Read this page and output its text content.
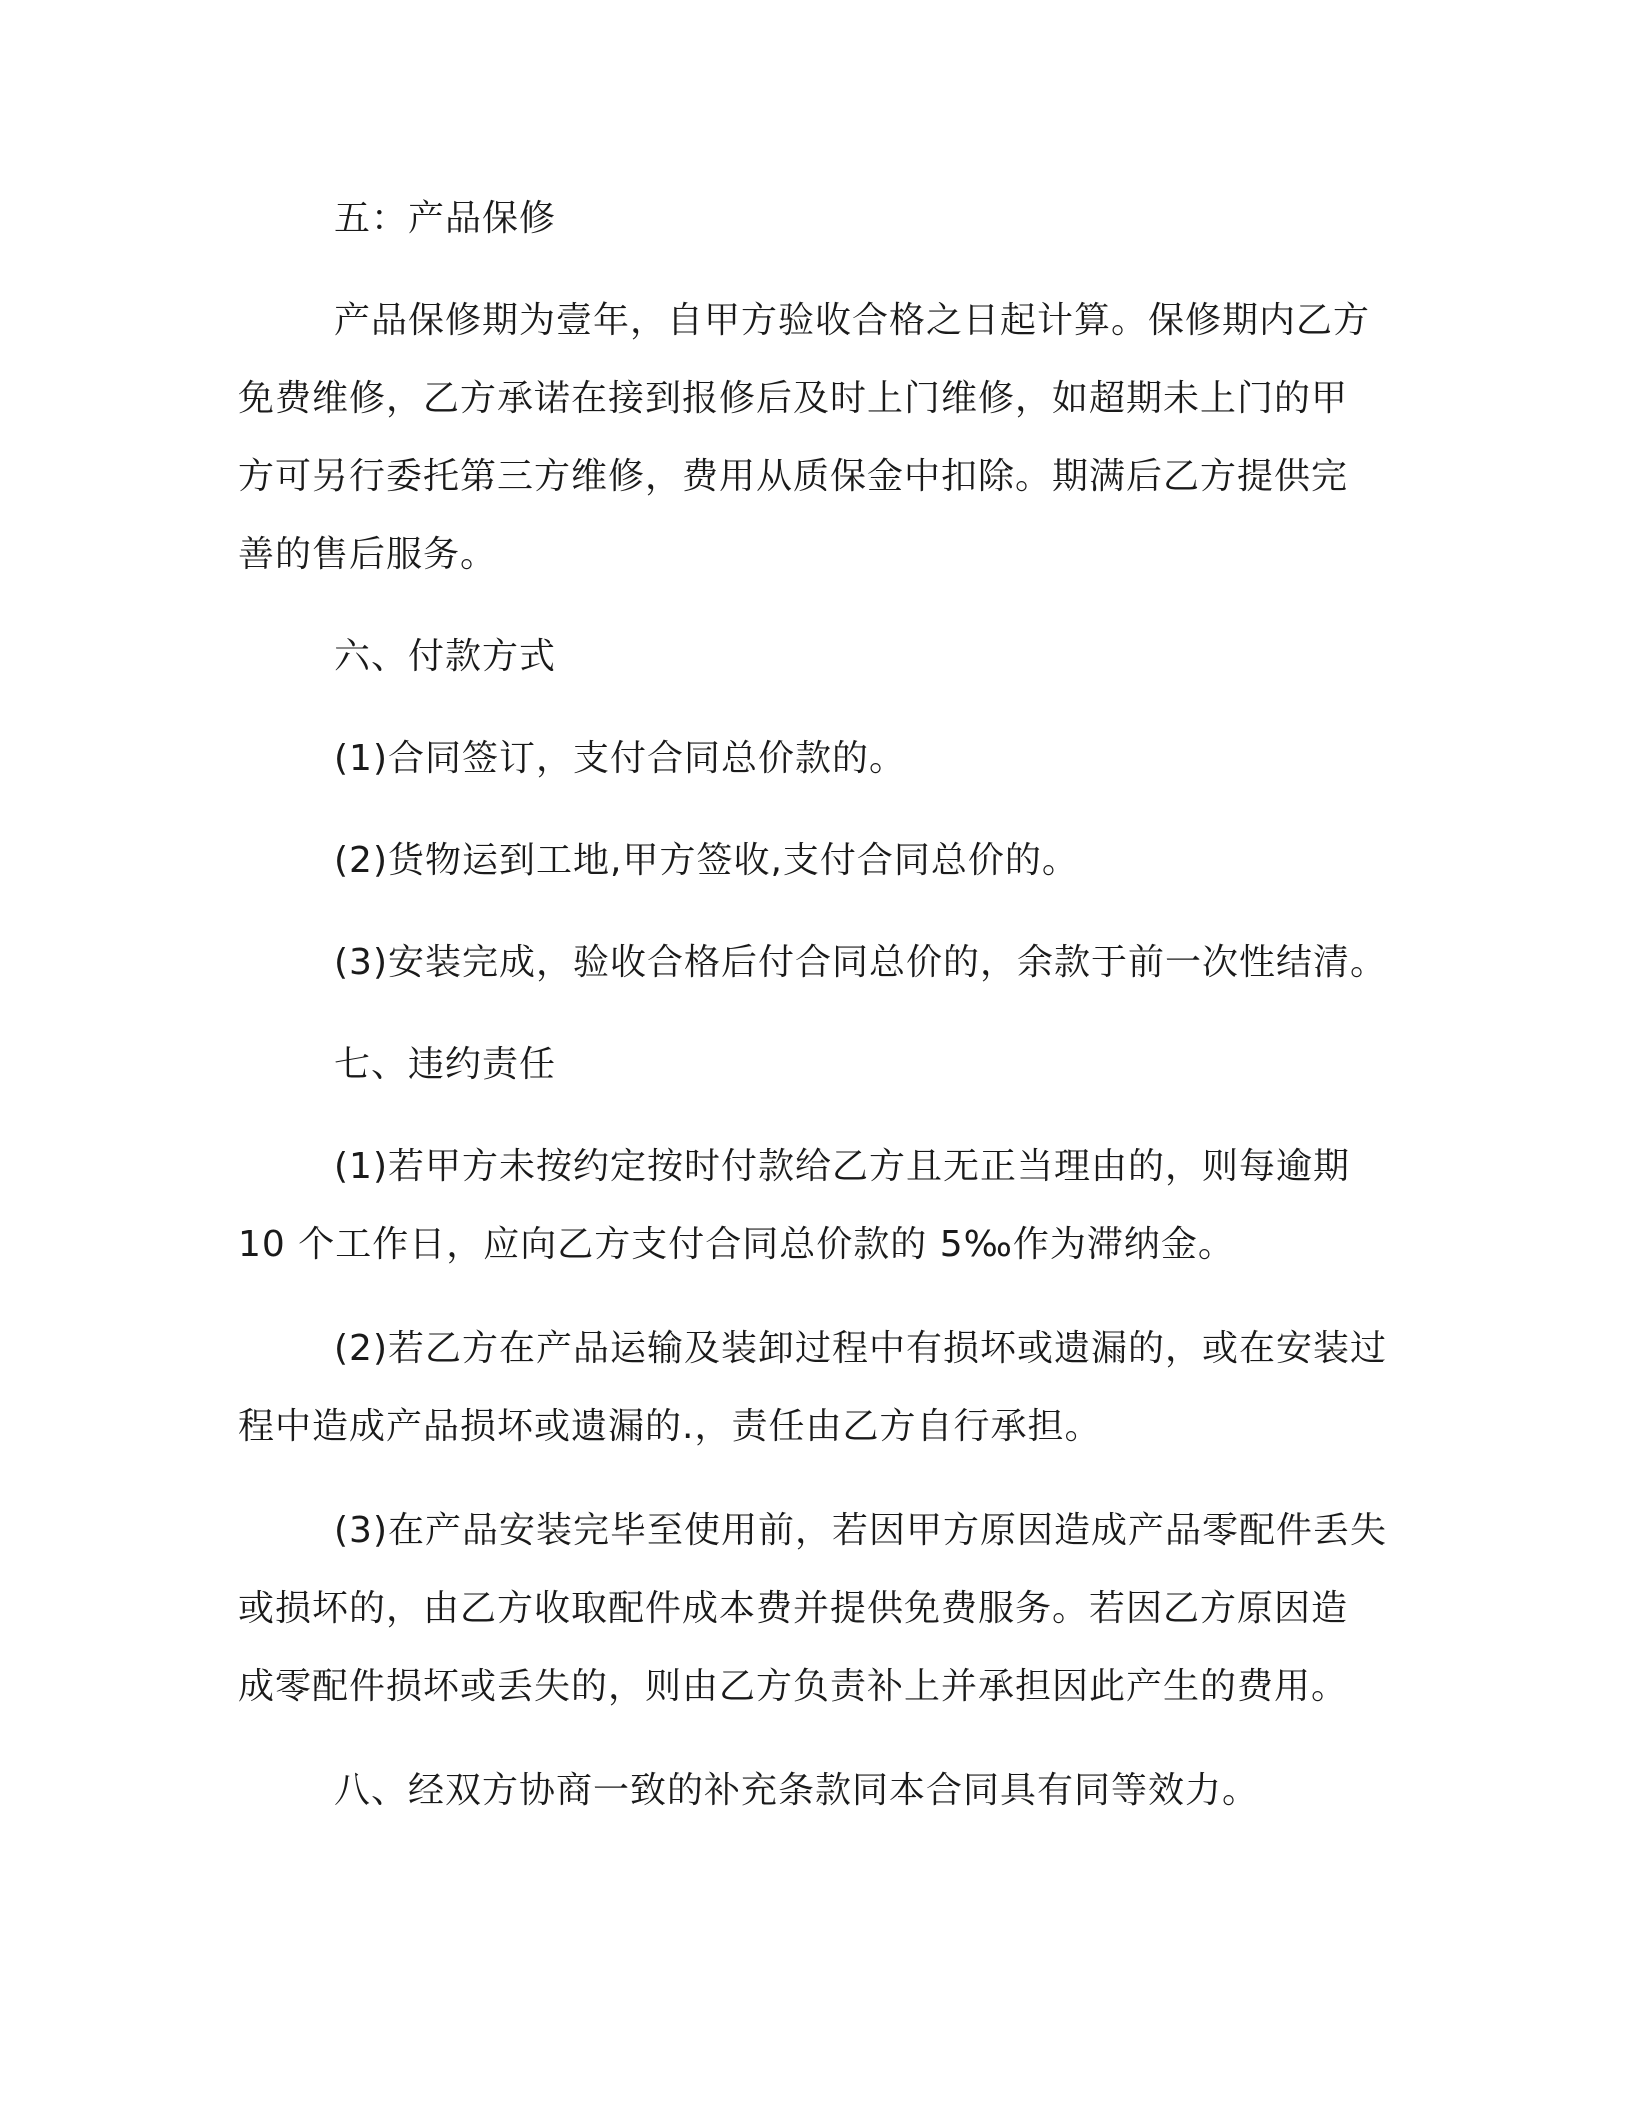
五：产品保修

产品保修期为壹年，自甲方验收合格之日起计算。保修期内乙方
免费维修，乙方承诺在接到报修后及时上门维修，如超期未上门的甲
方可另行委托第三方维修，费用从质保金中扣除。期满后乙方提供完
善的售后服务。

六、付款方式

(1)合同签订，支付合同总价款的。

(2)货物运到工地,甲方签收,支付合同总价的。

(3)安装完成，验收合格后付合同总价的，余款于前一次性结清。

七、违约责任

(1)若甲方未按约定按时付款给乙方且无正当理由的，则每逾期
10 个工作日，应向乙方支付合同总价款的 5‰作为滞纳金。

(2)若乙方在产品运输及装卸过程中有损坏或遗漏的，或在安装过
程中造成产品损坏或遗漏的.，责任由乙方自行承担。

(3)在产品安装完毕至使用前，若因甲方原因造成产品零配件丢失
或损坏的，由乙方收取配件成本费并提供免费服务。若因乙方原因造
成零配件损坏或丢失的，则由乙方负责补上并承担因此产生的费用。

八、经双方协商一致的补充条款同本合同具有同等效力。
